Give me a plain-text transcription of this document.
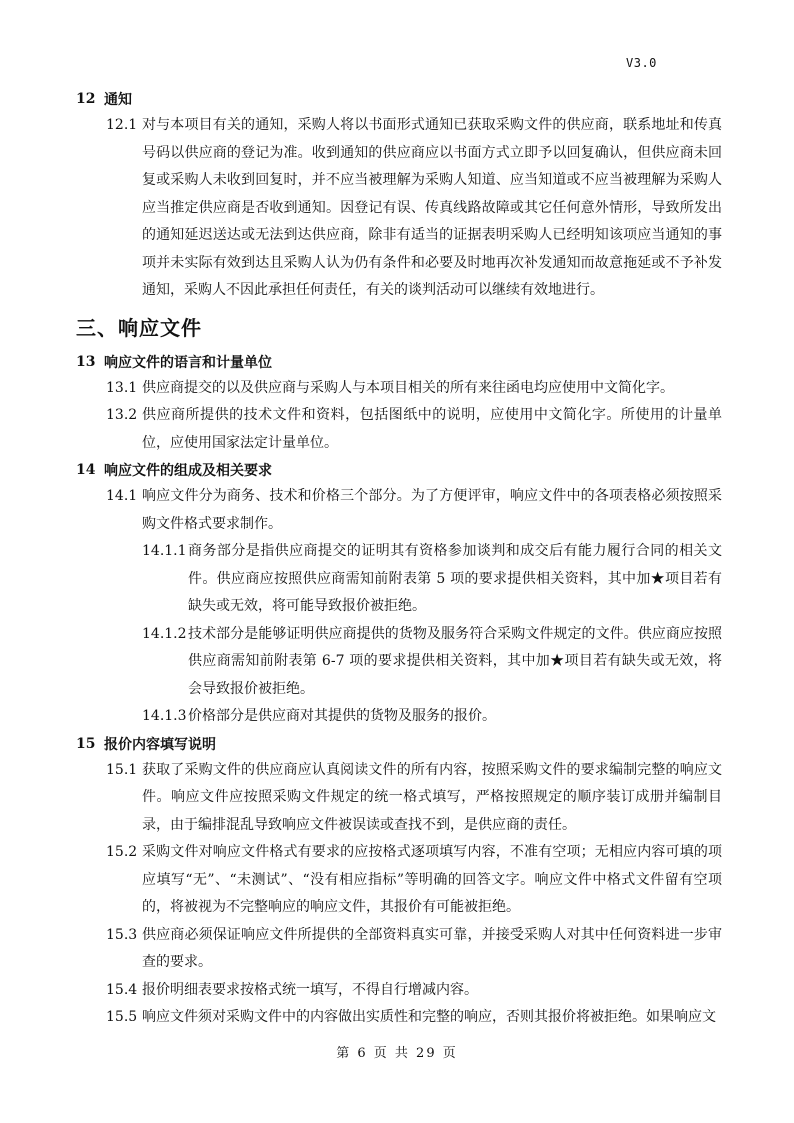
V3.0
12 通知
12.1 对与本项目有关的通知，采购人将以书面形式通知已获取采购文件的供应商，联系地址和传真号码以供应商的登记为准。收到通知的供应商应以书面方式立即予以回复确认，但供应商未回复或采购人未收到回复时，并不应当被理解为采购人知道、应当知道或不应当被理解为采购人应当推定供应商是否收到通知。因登记有误、传真线路故障或其它任何意外情形，导致所发出的通知延迟送达或无法到达供应商，除非有适当的证据表明采购人已经明知该项应当通知的事项并未实际有效到达且采购人认为仍有条件和必要及时地再次补发通知而故意拖延或不予补发通知，采购人不因此承担任何责任，有关的谈判活动可以继续有效地进行。
三、响应文件
13 响应文件的语言和计量单位
13.1 供应商提交的以及供应商与采购人与本项目相关的所有来往函电均应使用中文简化字。
13.2 供应商所提供的技术文件和资料，包括图纸中的说明，应使用中文简化字。所使用的计量单位，应使用国家法定计量单位。
14 响应文件的组成及相关要求
14.1 响应文件分为商务、技术和价格三个部分。为了方便评审，响应文件中的各项表格必须按照采购文件格式要求制作。
14.1.1 商务部分是指供应商提交的证明其有资格参加谈判和成交后有能力履行合同的相关文件。供应商应按照供应商需知前附表第 5 项的要求提供相关资料，其中加★项目若有缺失或无效，将可能导致报价被拒绝。
14.1.2 技术部分是能够证明供应商提供的货物及服务符合采购文件规定的文件。供应商应按照供应商需知前附表第 6-7 项的要求提供相关资料，其中加★项目若有缺失或无效，将会导致报价被拒绝。
14.1.3 价格部分是供应商对其提供的货物及服务的报价。
15 报价内容填写说明
15.1 获取了采购文件的供应商应认真阅读文件的所有内容，按照采购文件的要求编制完整的响应文件。响应文件应按照采购文件规定的统一格式填写，严格按照规定的顺序装订成册并编制目录，由于编排混乱导致响应文件被误读或查找不到，是供应商的责任。
15.2 采购文件对响应文件格式有要求的应按格式逐项填写内容，不准有空项；无相应内容可填的项应填写“无”、“未测试”、“没有相应指标”等明确的回答文字。响应文件中格式文件留有空项的，将被视为不完整响应的响应文件，其报价有可能被拒绝。
15.3 供应商必须保证响应文件所提供的全部资料真实可靠，并接受采购人对其中任何资料进一步审查的要求。
15.4 报价明细表要求按格式统一填写，不得自行增减内容。
15.5 响应文件须对采购文件中的内容做出实质性和完整的响应，否则其报价将被拒绝。如果响应文
第 6 页 共 29 页
